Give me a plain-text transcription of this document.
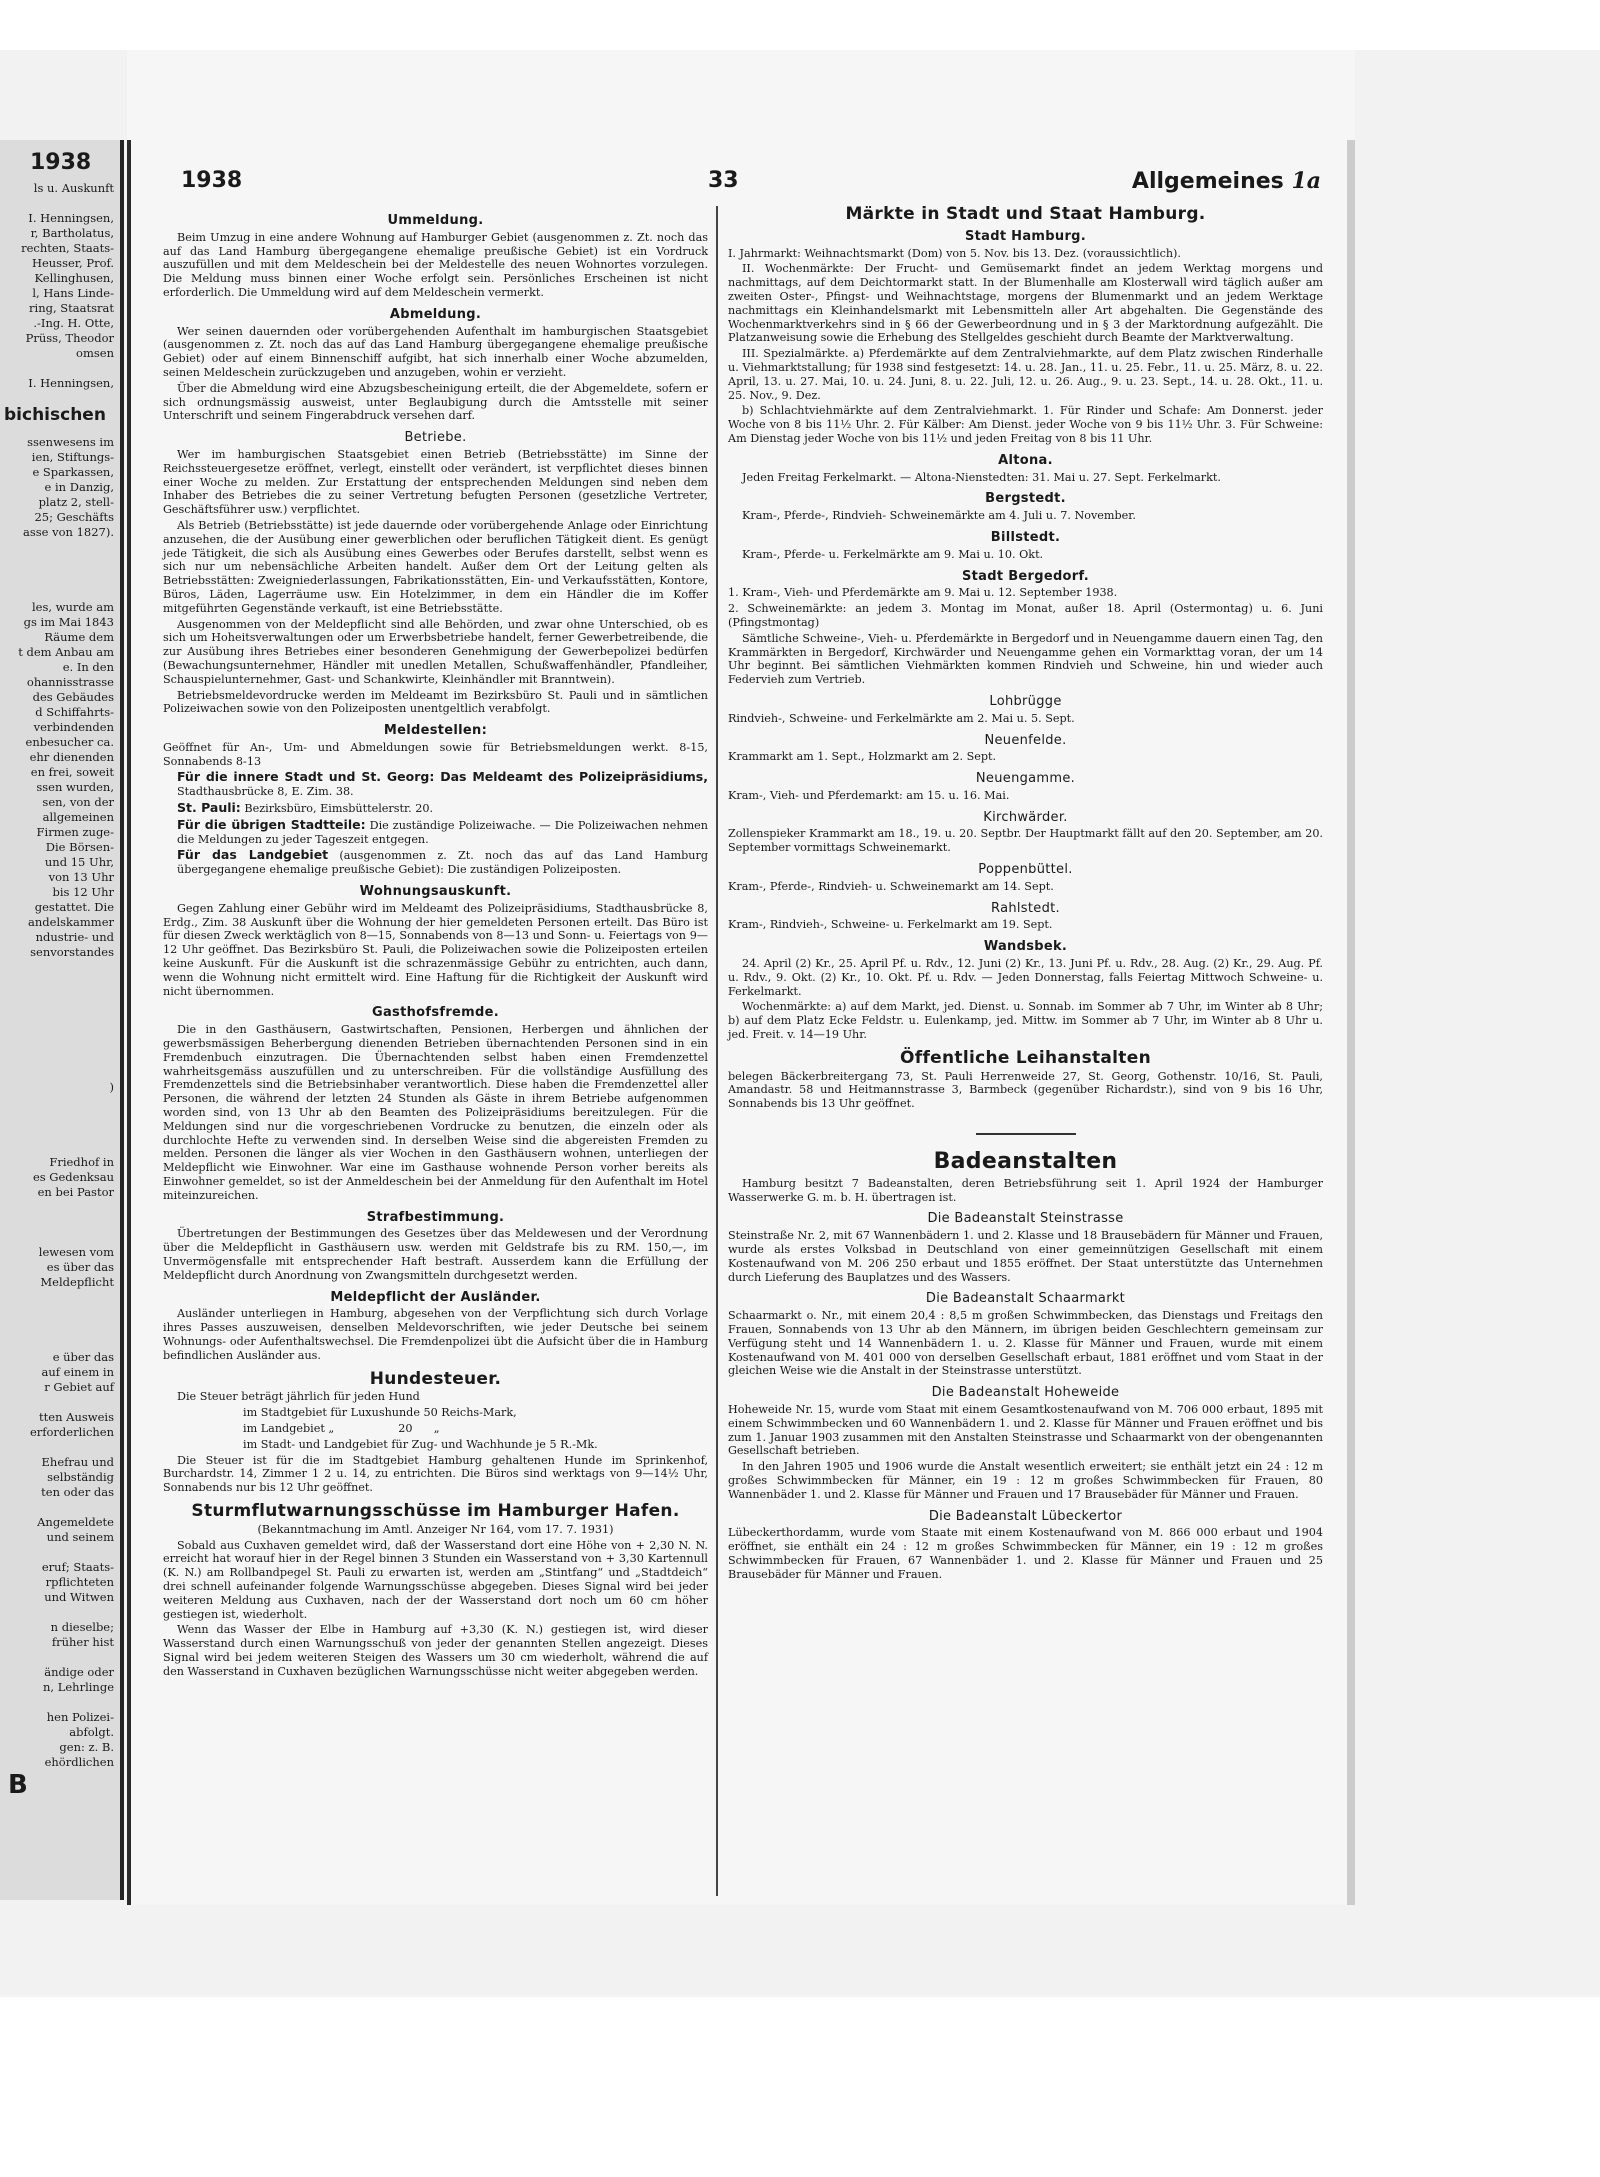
1938
ls u. Auskunft

I. Henningsen,
r, Bartholatus,
rechten, Staats-
Heusser, Prof.
Kellinghusen,
l, Hans Linde-
ring, Staatsrat
.-Ing. H. Otte,
Prüss, Theodor
omsen

I. Henningsen,
bichischen
ssenwesens im
ien, Stiftungs-
e Sparkassen,
e in Danzig,
platz 2, stell-
25; Geschäfts
asse von 1827).

les, wurde am
gs im Mai 1843
Räume dem
t dem Anbau am
e. In den
ohannisstrasse
des Gebäudes
d Schiffahrts-
verbindenden
enbesucher ca.
ehr dienenden
en frei, soweit
ssen wurden,
sen, von der
allgemeinen
Firmen zuge-
Die Börsen-
und 15 Uhr,
von 13 Uhr
bis 12 Uhr
gestattet. Die
andelskammer
ndustrie- und
senvorstandes

)

Friedhof in
es Gedenksau
en bei Pastor

lewesen vom
es über das
Meldepflicht

e über das
auf einem in
r Gebiet auf

tten Ausweis
erforderlichen

Ehefrau und
selbständig
ten oder das

Angemeldete
und seinem

eruf; Staats-
rpflichteten
und Witwen

n dieselbe;
früher hist

ändige oder
n, Lehrlinge

hen Polizei-
abfolgt.
gen: z. B.
ehördlichen
B
1938	33	Allgemeines 1a
Ummeldung.

Beim Umzug in eine andere Wohnung auf Hamburger Gebiet (ausgenommen z. Zt. noch das auf das Land Hamburg übergegangene ehemalige preußische Gebiet) ist ein Vordruck auszufüllen und mit dem Meldeschein bei der Meldestelle des neuen Wohnortes vorzulegen. Die Meldung muss binnen einer Woche erfolgt sein. Persönliches Erscheinen ist nicht erforderlich. Die Ummeldung wird auf dem Meldeschein vermerkt.

Abmeldung.

Wer seinen dauernden oder vorübergehenden Aufenthalt im hamburgischen Staatsgebiet (ausgenommen z. Zt. noch das auf das Land Hamburg übergegangene ehemalige preußische Gebiet) oder auf einem Binnenschiff aufgibt, hat sich innerhalb einer Woche abzumelden, seinen Meldeschein zurückzugeben und anzugeben, wohin er verzieht.

Über die Abmeldung wird eine Abzugsbescheinigung erteilt, die der Abgemeldete, sofern er sich ordnungsmässig ausweist, unter Beglaubigung durch die Amtsstelle mit seiner Unterschrift und seinem Fingerabdruck versehen darf.

Betriebe.

Wer im hamburgischen Staatsgebiet einen Betrieb (Betriebsstätte) im Sinne der Reichssteuergesetze eröffnet, verlegt, einstellt oder verändert, ist verpflichtet dieses binnen einer Woche zu melden. Zur Erstattung der entsprechenden Meldungen sind neben dem Inhaber des Betriebes die zu seiner Vertretung befugten Personen (gesetzliche Vertreter, Geschäftsführer usw.) verpflichtet.

Als Betrieb (Betriebsstätte) ist jede dauernde oder vorübergehende Anlage oder Einrichtung anzusehen, die der Ausübung einer gewerblichen oder beruflichen Tätigkeit dient. Es genügt jede Tätigkeit, die sich als Ausübung eines Gewerbes oder Berufes darstellt, selbst wenn es sich nur um nebensächliche Arbeiten handelt. Außer dem Ort der Leitung gelten als Betriebsstätten: Zweigniederlassungen, Fabrikationsstätten, Ein- und Verkaufsstätten, Kontore, Büros, Läden, Lagerräume usw. Ein Hotelzimmer, in dem ein Händler die im Koffer mitgeführten Gegenstände verkauft, ist eine Betriebsstätte.

Ausgenommen von der Meldepflicht sind alle Behörden, und zwar ohne Unterschied, ob es sich um Hoheitsverwaltungen oder um Erwerbsbetriebe handelt, ferner Gewerbetreibende, die zur Ausübung ihres Betriebes einer besonderen Genehmigung der Gewerbepolizei bedürfen (Bewachungsunternehmer, Händler mit unedlen Metallen, Schußwaffenhändler, Pfandleiher, Schauspielunternehmer, Gast- und Schankwirte, Kleinhändler mit Branntwein).

Betriebsmeldevordrucke werden im Meldeamt im Bezirksbüro St. Pauli und in sämtlichen Polizeiwachen sowie von den Polizeiposten unentgeltlich verabfolgt.

Meldestellen:

Geöffnet für An-, Um- und Abmeldungen sowie für Betriebsmeldungen werkt. 8-15, Sonnabends 8-13

Für die innere Stadt und St. Georg: Das Meldeamt des Polizeipräsidiums, Stadthausbrücke 8, E. Zim. 38.

St. Pauli: Bezirksbüro, Eimsbüttelerstr. 20.

Für die übrigen Stadtteile: Die zuständige Polizeiwache. — Die Polizeiwachen nehmen die Meldungen zu jeder Tageszeit entgegen.

Für das Landgebiet (ausgenommen z. Zt. noch das auf das Land Hamburg übergegangene ehemalige preußische Gebiet): Die zuständigen Polizeiposten.

Wohnungsauskunft.

Gegen Zahlung einer Gebühr wird im Meldeamt des Polizeipräsidiums, Stadthausbrücke 8, Erdg., Zim. 38 Auskunft über die Wohnung der hier gemeldeten Personen erteilt. Das Büro ist für diesen Zweck werktäglich von 8—15, Sonnabends von 8—13 und Sonn- u. Feiertags von 9—12 Uhr geöffnet. Das Bezirksbüro St. Pauli, die Polizeiwachen sowie die Polizeiposten erteilen keine Auskunft. Für die Auskunft ist die schrazenmässige Gebühr zu entrichten, auch dann, wenn die Wohnung nicht ermittelt wird. Eine Haftung für die Richtigkeit der Auskunft wird nicht übernommen.

Gasthofsfremde.

Die in den Gasthäusern, Gastwirtschaften, Pensionen, Herbergen und ähnlichen der gewerbsmässigen Beherbergung dienenden Betrieben übernachtenden Personen sind in ein Fremdenbuch einzutragen. Die Übernachtenden selbst haben einen Fremdenzettel wahrheitsgemäss auszufüllen und zu unterschreiben. Für die vollständige Ausfüllung des Fremdenzettels sind die Betriebsinhaber verantwortlich. Diese haben die Fremdenzettel aller Personen, die während der letzten 24 Stunden als Gäste in ihrem Betriebe aufgenommen worden sind, von 13 Uhr ab den Beamten des Polizeipräsidiums bereitzulegen. Für die Meldungen sind nur die vorgeschriebenen Vordrucke zu benutzen, die einzeln oder als durchlochte Hefte zu verwenden sind. In derselben Weise sind die abgereisten Fremden zu melden. Personen die länger als vier Wochen in den Gasthäusern wohnen, unterliegen der Meldepflicht wie Einwohner. War eine im Gasthause wohnende Person vorher bereits als Einwohner gemeldet, so ist der Anmeldeschein bei der Anmeldung für den Aufenthalt im Hotel miteinzureichen.

Strafbestimmung.

Übertretungen der Bestimmungen des Gesetzes über das Meldewesen und der Verordnung über die Meldepflicht in Gasthäusern usw. werden mit Geldstrafe bis zu RM. 150,—, im Unvermögensfalle mit entsprechender Haft bestraft. Ausserdem kann die Erfüllung der Meldepflicht durch Anordnung von Zwangsmitteln durchgesetzt werden.

Meldepflicht der Ausländer.

Ausländer unterliegen in Hamburg, abgesehen von der Verpflichtung sich durch Vorlage ihres Passes auszuweisen, denselben Meldevorschriften, wie jeder Deutsche bei seinem Wohnungs- oder Aufenthaltswechsel. Die Fremdenpolizei übt die Aufsicht über die in Hamburg befindlichen Ausländer aus.

Hundesteuer.

Die Steuer beträgt jährlich für jeden Hund

im Stadtgebiet für Luxushunde 50 Reichs-Mark,

im Landgebiet „                  20      „

im Stadt- und Landgebiet für Zug- und Wachhunde je 5 R.-Mk.

Die Steuer ist für die im Stadtgebiet Hamburg gehaltenen Hunde im Sprinkenhof, Burchardstr. 14, Zimmer 1 2 u. 14, zu entrichten. Die Büros sind werktags von 9—14½ Uhr, Sonnabends nur bis 12 Uhr geöffnet.

Sturmflutwarnungsschüsse im Hamburger Hafen.

(Bekanntmachung im Amtl. Anzeiger Nr 164, vom 17. 7. 1931)

Sobald aus Cuxhaven gemeldet wird, daß der Wasserstand dort eine Höhe von + 2,30 N. N. erreicht hat worauf hier in der Regel binnen 3 Stunden ein Wasserstand von + 3,30 Kartennull (K. N.) am Rollbandpegel St. Pauli zu erwarten ist, werden am „Stintfang“ und „Stadtdeich“ drei schnell aufeinander folgende Warnungsschüsse abgegeben. Dieses Signal wird bei jeder weiteren Meldung aus Cuxhaven, nach der der Wasserstand dort noch um 60 cm höher gestiegen ist, wiederholt.

Wenn das Wasser der Elbe in Hamburg auf +3,30 (K. N.) gestiegen ist, wird dieser Wasserstand durch einen Warnungsschuß von jeder der genannten Stellen angezeigt. Dieses Signal wird bei jedem weiteren Steigen des Wassers um 30 cm wiederholt, während die auf den Wasserstand in Cuxhaven bezüglichen Warnungsschüsse nicht weiter abgegeben werden.

Märkte in Stadt und Staat Hamburg.
Stadt Hamburg.

I. Jahrmarkt: Weihnachtsmarkt (Dom) von 5. Nov. bis 13. Dez. (voraussichtlich).

II. Wochenmärkte: Der Frucht- und Gemüsemarkt findet an jedem Werktag morgens und nachmittags, auf dem Deichtormarkt statt. In der Blumenhalle am Klosterwall wird täglich außer am zweiten Oster-, Pfingst- und Weihnachtstage, morgens der Blumenmarkt und an jedem Werktage nachmittags ein Kleinhandelsmarkt mit Lebensmitteln aller Art abgehalten. Die Gegenstände des Wochenmarktverkehrs sind in § 66 der Gewerbeordnung und in § 3 der Marktordnung aufgezählt. Die Platzanweisung sowie die Erhebung des Stellgeldes geschieht durch Beamte der Marktverwaltung.

III. Spezialmärkte. a) Pferdemärkte auf dem Zentralviehmarkte, auf dem Platz zwischen Rinderhalle u. Viehmarktstallung; für 1938 sind festgesetzt: 14. u. 28. Jan., 11. u. 25. Febr., 11. u. 25. März, 8. u. 22. April, 13. u. 27. Mai, 10. u. 24. Juni, 8. u. 22. Juli, 12. u. 26. Aug., 9. u. 23. Sept., 14. u. 28. Okt., 11. u. 25. Nov., 9. Dez.

b) Schlachtviehmärkte auf dem Zentralviehmarkt. 1. Für Rinder und Schafe: Am Donnerst. jeder Woche von 8 bis 11½ Uhr. 2. Für Kälber: Am Dienst. jeder Woche von 9 bis 11½ Uhr. 3. Für Schweine: Am Dienstag jeder Woche von bis 11½ und jeden Freitag von 8 bis 11 Uhr.

Altona.

Jeden Freitag Ferkelmarkt. — Altona-Nienstedten: 31. Mai u. 27. Sept. Ferkelmarkt.

Bergstedt.

Kram-, Pferde-, Rindvieh- Schweinemärkte am 4. Juli u. 7. November.

Billstedt.

Kram-, Pferde- u. Ferkelmärkte am 9. Mai u. 10. Okt.

Stadt Bergedorf.

1. Kram-, Vieh- und Pferdemärkte am 9. Mai u. 12. September 1938.

2. Schweinemärkte: an jedem 3. Montag im Monat, außer 18. April (Ostermontag) u. 6. Juni (Pfingstmontag)

Sämtliche Schweine-, Vieh- u. Pferdemärkte in Bergedorf und in Neuengamme dauern einen Tag, den Krammärkten in Bergedorf, Kirchwärder und Neuengamme gehen ein Vormarkttag voran, der um 14 Uhr beginnt. Bei sämtlichen Viehmärkten kommen Rindvieh und Schweine, hin und wieder auch Federvieh zum Vertrieb.

Lohbrügge

Rindvieh-, Schweine- und Ferkelmärkte am 2. Mai u. 5. Sept.

Neuenfelde.

Krammarkt am 1. Sept., Holzmarkt am 2. Sept.

Neuengamme.

Kram-, Vieh- und Pferdemarkt: am 15. u. 16. Mai.

Kirchwärder.

Zollenspieker Krammarkt am 18., 19. u. 20. Septbr. Der Hauptmarkt fällt auf den 20. September, am 20. September vormittags Schweinemarkt.

Poppenbüttel.

Kram-, Pferde-, Rindvieh- u. Schweinemarkt am 14. Sept.

Rahlstedt.

Kram-, Rindvieh-, Schweine- u. Ferkelmarkt am 19. Sept.

Wandsbek.

24. April (2) Kr., 25. April Pf. u. Rdv., 12. Juni (2) Kr., 13. Juni Pf. u. Rdv., 28. Aug. (2) Kr., 29. Aug. Pf. u. Rdv., 9. Okt. (2) Kr., 10. Okt. Pf. u. Rdv. — Jeden Donnerstag, falls Feiertag Mittwoch Schweine- u. Ferkelmarkt.

Wochenmärkte: a) auf dem Markt, jed. Dienst. u. Sonnab. im Sommer ab 7 Uhr, im Winter ab 8 Uhr; b) auf dem Platz Ecke Feldstr. u. Eulenkamp, jed. Mittw. im Sommer ab 7 Uhr, im Winter ab 8 Uhr u. jed. Freit. v. 14—19 Uhr.

Öffentliche Leihanstalten

belegen Bäckerbreitergang 73, St. Pauli Herrenweide 27, St. Georg, Gothenstr. 10/16, St. Pauli, Amandastr. 58 und Heitmannstrasse 3, Barmbeck (gegenüber Richardstr.), sind von 9 bis 16 Uhr, Sonnabends bis 13 Uhr geöffnet.

Badeanstalten

Hamburg besitzt 7 Badeanstalten, deren Betriebsführung seit 1. April 1924 der Hamburger Wasserwerke G. m. b. H. übertragen ist.

Die Badeanstalt Steinstrasse

Steinstraße Nr. 2, mit 67 Wannenbädern 1. und 2. Klasse und 18 Brausebädern für Männer und Frauen, wurde als erstes Volksbad in Deutschland von einer gemeinnützigen Gesellschaft mit einem Kostenaufwand von M. 206 250 erbaut und 1855 eröffnet. Der Staat unterstützte das Unternehmen durch Lieferung des Bauplatzes und des Wassers.

Die Badeanstalt Schaarmarkt

Schaarmarkt o. Nr., mit einem 20,4 : 8,5 m großen Schwimmbecken, das Dienstags und Freitags den Frauen, Sonnabends von 13 Uhr ab den Männern, im übrigen beiden Geschlechtern gemeinsam zur Verfügung steht und 14 Wannenbädern 1. u. 2. Klasse für Männer und Frauen, wurde mit einem Kostenaufwand von M. 401 000 von derselben Gesellschaft erbaut, 1881 eröffnet und vom Staat in der gleichen Weise wie die Anstalt in der Steinstrasse unterstützt.

Die Badeanstalt Hoheweide

Hoheweide Nr. 15, wurde vom Staat mit einem Gesamtkostenaufwand von M. 706 000 erbaut, 1895 mit einem Schwimmbecken und 60 Wannenbädern 1. und 2. Klasse für Männer und Frauen eröffnet und bis zum 1. Januar 1903 zusammen mit den Anstalten Steinstrasse und Schaarmarkt von der obengenannten Gesellschaft betrieben.

In den Jahren 1905 und 1906 wurde die Anstalt wesentlich erweitert; sie enthält jetzt ein 24 : 12 m großes Schwimmbecken für Männer, ein 19 : 12 m großes Schwimmbecken für Frauen, 80 Wannenbäder 1. und 2. Klasse für Männer und Frauen und 17 Brausebäder für Männer und Frauen.

Die Badeanstalt Lübeckertor

Lübeckerthordamm, wurde vom Staate mit einem Kostenaufwand von M. 866 000 erbaut und 1904 eröffnet, sie enthält ein 24 : 12 m großes Schwimmbecken für Männer, ein 19 : 12 m großes Schwimmbecken für Frauen, 67 Wannenbäder 1. und 2. Klasse für Männer und Frauen und 25 Brausebäder für Männer und Frauen.
